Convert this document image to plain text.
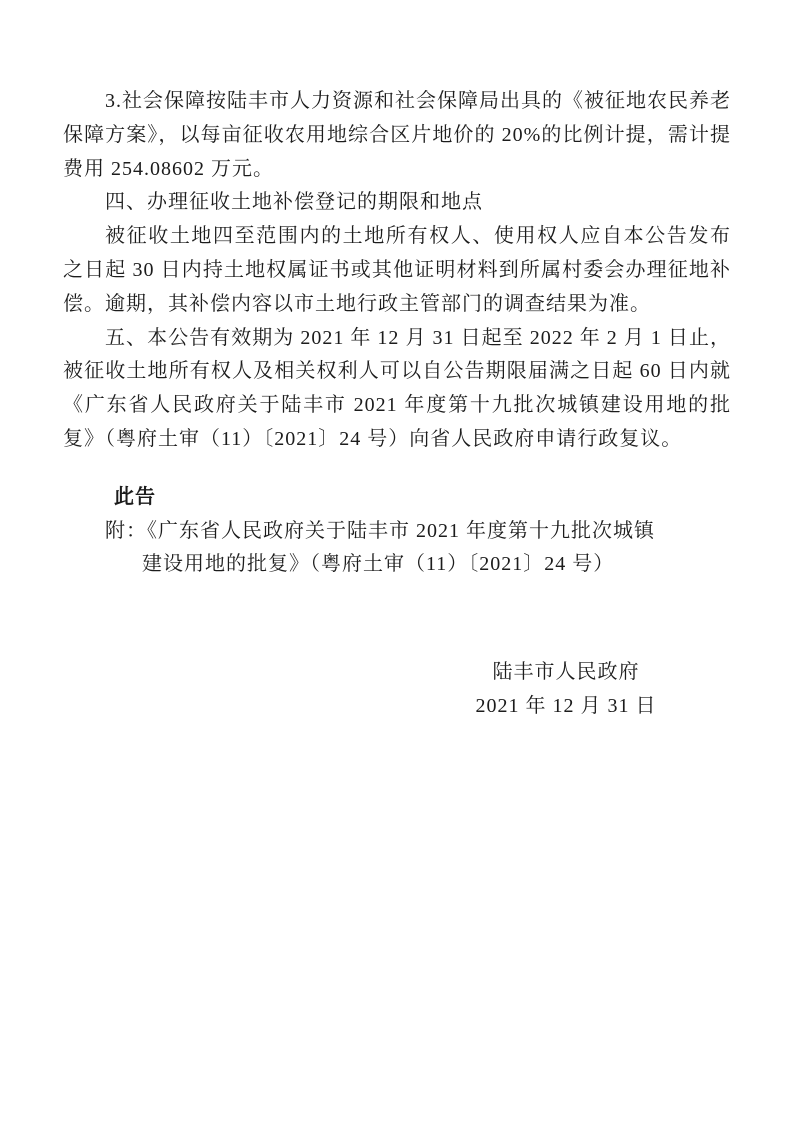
3.社会保障按陆丰市人力资源和社会保障局出具的《被征地农民养老保障方案》，以每亩征收农用地综合区片地价的 20%的比例计提，需计提费用 254.08602 万元。

四、办理征收土地补偿登记的期限和地点

被征收土地四至范围内的土地所有权人、使用权人应自本公告发布之日起 30 日内持土地权属证书或其他证明材料到所属村委会办理征地补偿。逾期，其补偿内容以市土地行政主管部门的调查结果为准。

五、本公告有效期为 2021 年 12 月 31 日起至 2022 年 2 月 1 日止，被征收土地所有权人及相关权利人可以自公告期限届满之日起 60 日内就《广东省人民政府关于陆丰市 2021 年度第十九批次城镇建设用地的批复》（粤府土审（11）〔2021〕24 号）向省人民政府申请行政复议。

此告

附：《广东省人民政府关于陆丰市 2021 年度第十九批次城镇
建设用地的批复》（粤府土审（11）〔2021〕24 号）

陆丰市人民政府
2021 年 12 月 31 日
